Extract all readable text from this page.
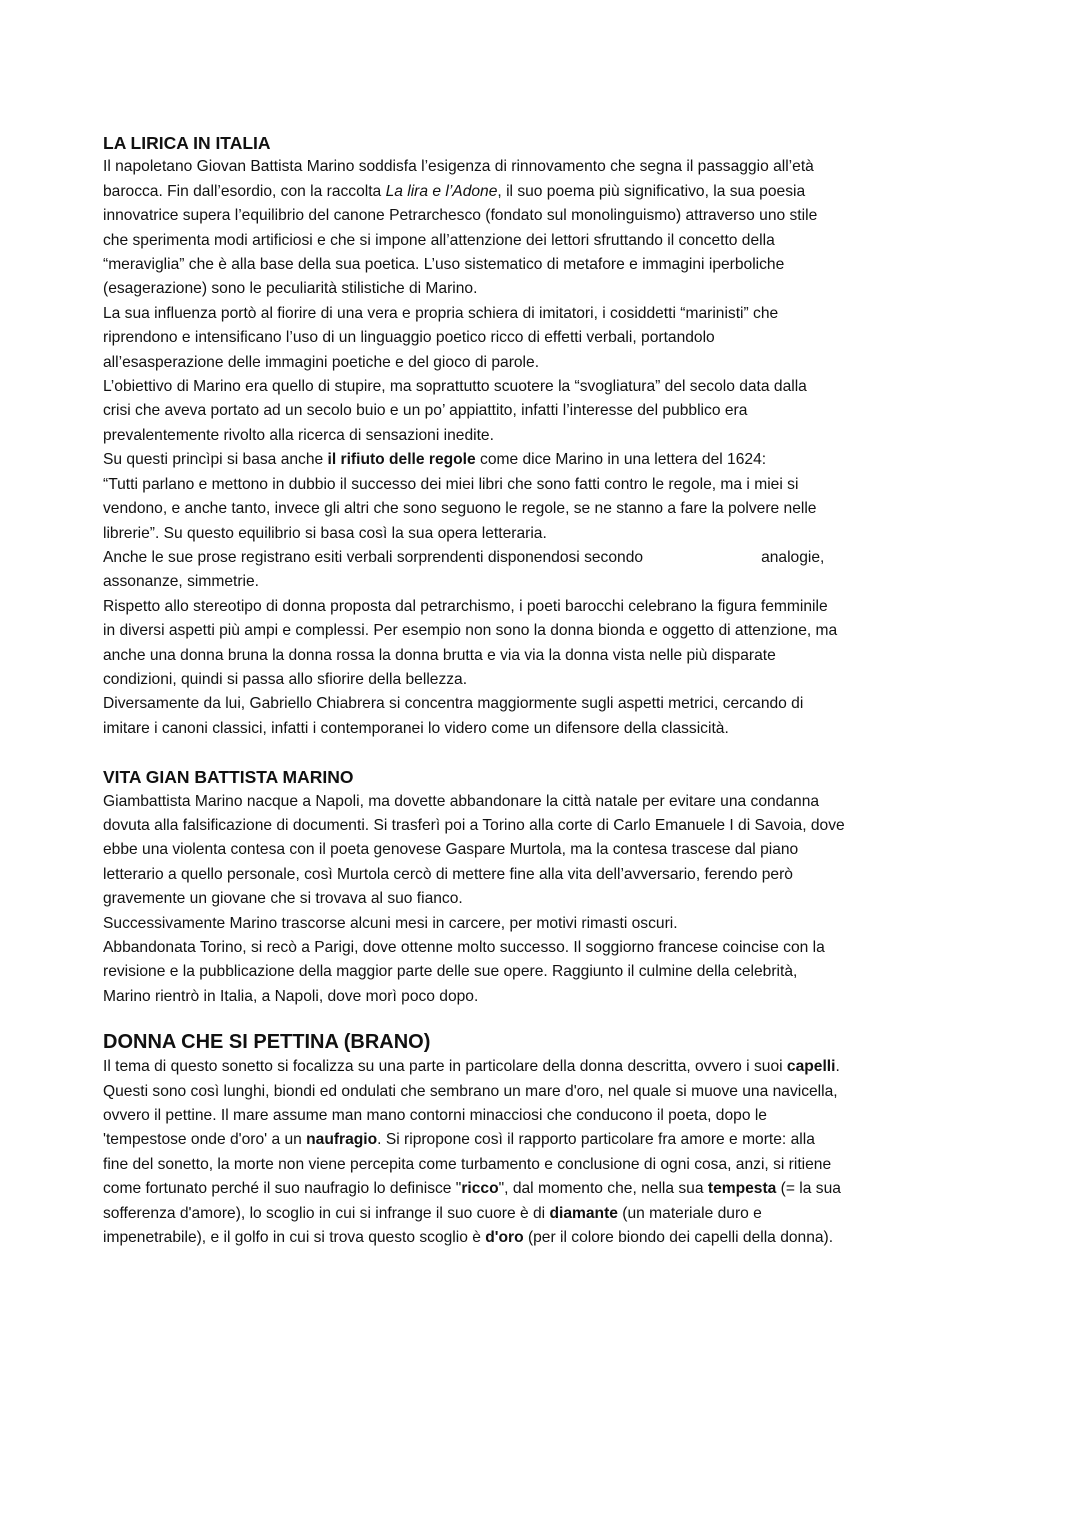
LA LIRICA IN ITALIA
Il napoletano Giovan Battista Marino soddisfa l’esigenza di rinnovamento che segna il passaggio all’età
barocca. Fin dall’esordio, con la raccolta La lira e l’Adone, il suo poema più significativo, la sua poesia
innovatrice supera l’equilibrio del canone Petrarchesco (fondato sul monolinguismo) attraverso uno stile
che sperimenta modi artificiosi e che si impone all’attenzione dei lettori sfruttando il concetto della
“meraviglia” che è alla base della sua poetica. L’uso sistematico di metafore e immagini iperboliche
(esagerazione) sono le peculiarità stilistiche di Marino.
La sua influenza portò al fiorire di una vera e propria schiera di imitatori, i cosiddetti “marinisti” che
riprendono e intensificano l’uso di un linguaggio poetico ricco di effetti verbali, portandolo
all’esasperazione delle immagini poetiche e del gioco di parole.
L’obiettivo di Marino era quello di stupire, ma soprattutto scuotere la “svogliatura” del secolo data dalla
crisi che aveva portato ad un secolo buio e un po’ appiattito, infatti l’interesse del pubblico era
prevalentemente rivolto alla ricerca di sensazioni inedite.
Su questi princìpi si basa anche il rifiuto delle regole come dice Marino in una lettera del 1624:
“Tutti parlano e mettono in dubbio il successo dei miei libri che sono fatti contro le regole, ma i miei si
vendono, e anche tanto, invece gli altri che sono seguono le regole, se ne stanno a fare la polvere nelle
librerie”. Su questo equilibrio si basa così la sua opera letteraria.
Anche le sue prose registrano esiti verbali sorprendenti disponendosi secondo	analogie,
assonanze, simmetrie.
Rispetto allo stereotipo di donna proposta dal petrarchismo, i poeti barocchi celebrano la figura femminile
in diversi aspetti più ampi e complessi. Per esempio non sono la donna bionda e oggetto di attenzione, ma
anche una donna bruna la donna rossa la donna brutta e via via la donna vista nelle più disparate
condizioni, quindi si passa allo sfiorire della bellezza.
Diversamente da lui, Gabriello Chiabrera si concentra maggiormente sugli aspetti metrici, cercando di
imitare i canoni classici, infatti i contemporanei lo videro come un difensore della classicità.
VITA GIAN BATTISTA MARINO
Giambattista Marino nacque a Napoli, ma dovette abbandonare la città natale per evitare una condanna
dovuta alla falsificazione di documenti. Si trasferì poi a Torino alla corte di Carlo Emanuele I di Savoia, dove
ebbe una violenta contesa con il poeta genovese Gaspare Murtola, ma la contesa trascese dal piano
letterario a quello personale, così Murtola cercò di mettere fine alla vita dell’avversario, ferendo però
gravemente un giovane che si trovava al suo fianco.
Successivamente Marino trascorse alcuni mesi in carcere, per motivi rimasti oscuri.
Abbandonata Torino, si recò a Parigi, dove ottenne molto successo. Il soggiorno francese coincise con la
revisione e la pubblicazione della maggior parte delle sue opere. Raggiunto il culmine della celebrità,
Marino rientrò in Italia, a Napoli, dove morì poco dopo.
DONNA CHE SI PETTINA (BRANO)
Il tema di questo sonetto si focalizza su una parte in particolare della donna descritta, ovvero i suoi capelli.
Questi sono così lunghi, biondi ed ondulati che sembrano un mare d'oro, nel quale si muove una navicella,
ovvero il pettine. Il mare assume man mano contorni minacciosi che conducono il poeta, dopo le
'tempestose onde d'oro' a un naufragio. Si ripropone così il rapporto particolare fra amore e morte: alla
fine del sonetto, la morte non viene percepita come turbamento e conclusione di ogni cosa, anzi, si ritiene
come fortunato perché il suo naufragio lo definisce "ricco", dal momento che, nella sua tempesta (= la sua
sofferenza d'amore), lo scoglio in cui si infrange il suo cuore è di diamante (un materiale duro e
impenetrabile), e il golfo in cui si trova questo scoglio è d'oro (per il colore biondo dei capelli della donna).
